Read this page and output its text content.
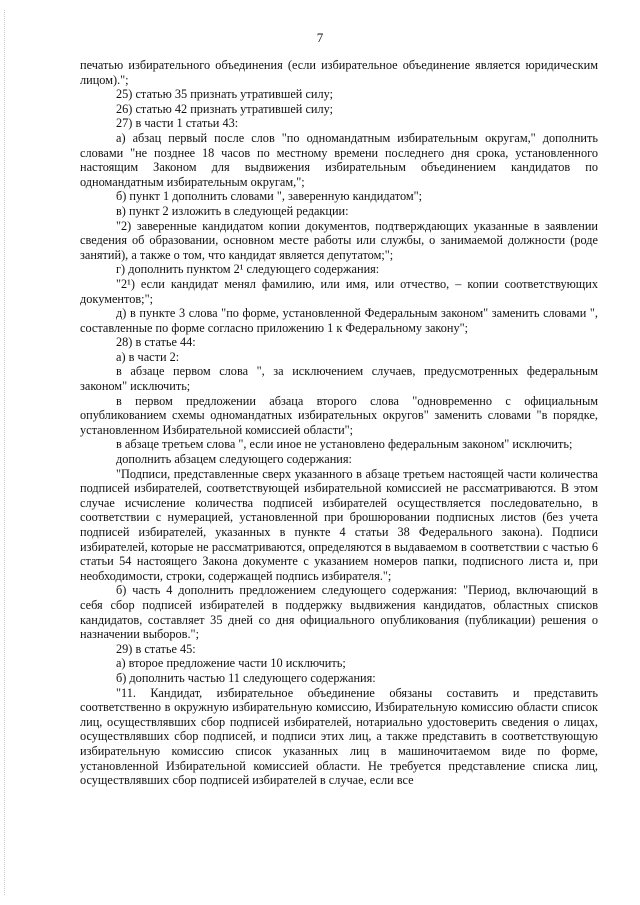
7

печатью избирательного объединения (если избирательное объединение является юридическим лицом).";

25) статью 35 признать утратившей силу;

26) статью 42 признать утратившей силу;

27) в части 1 статьи 43:

а) абзац первый после слов "по одномандатным избирательным округам," дополнить словами "не позднее 18 часов по местному времени последнего дня срока, установленного настоящим Законом для выдвижения избирательным объединением кандидатов по одномандатным избирательным округам,";

б) пункт 1 дополнить словами ", заверенную кандидатом";

в) пункт 2 изложить в следующей редакции:

"2) заверенные кандидатом копии документов, подтверждающих указанные в заявлении сведения об образовании, основном месте работы или службы, о занимаемой должности (роде занятий), а также о том, что кандидат является депутатом;";

г) дополнить пунктом 2¹ следующего содержания:

"2¹) если кандидат менял фамилию, или имя, или отчество, – копии соответствующих документов;";

д) в пункте 3 слова "по форме, установленной Федеральным законом" заменить словами ", составленные по форме согласно приложению 1 к Федеральному закону";

28) в статье 44:

а) в части 2:

в абзаце первом слова ", за исключением случаев, предусмотренных федеральным законом" исключить;

в первом предложении абзаца второго слова "одновременно с официальным опубликованием схемы одномандатных избирательных округов" заменить словами "в порядке, установленном Избирательной комиссией области";

в абзаце третьем слова ", если иное не установлено федеральным законом" исключить;

дополнить абзацем следующего содержания:

"Подписи, представленные сверх указанного в абзаце третьем настоящей части количества подписей избирателей, соответствующей избирательной комиссией не рассматриваются. В этом случае исчисление количества подписей избирателей осуществляется последовательно, в соответствии с нумерацией, установленной при брошюровании подписных листов (без учета подписей избирателей, указанных в пункте 4 статьи 38 Федерального закона). Подписи избирателей, которые не рассматриваются, определяются в выдаваемом в соответствии с частью 6 статьи 54 настоящего Закона документе с указанием номеров папки, подписного листа и, при необходимости, строки, содержащей подпись избирателя.";

б) часть 4 дополнить предложением следующего содержания: "Период, включающий в себя сбор подписей избирателей в поддержку выдвижения кандидатов, областных списков кандидатов, составляет 35 дней со дня официального опубликования (публикации) решения о назначении выборов.";

29) в статье 45:

а) второе предложение части 10 исключить;

б) дополнить частью 11 следующего содержания:

"11. Кандидат, избирательное объединение обязаны составить и представить соответственно в окружную избирательную комиссию, Избирательную комиссию области список лиц, осуществлявших сбор подписей избирателей, нотариально удостоверить сведения о лицах, осуществлявших сбор подписей, и подписи этих лиц, а также представить в соответствующую избирательную комиссию список указанных лиц в машиночитаемом виде по форме, установленной Избирательной комиссией области. Не требуется представление списка лиц, осуществлявших сбор подписей избирателей в случае, если все
